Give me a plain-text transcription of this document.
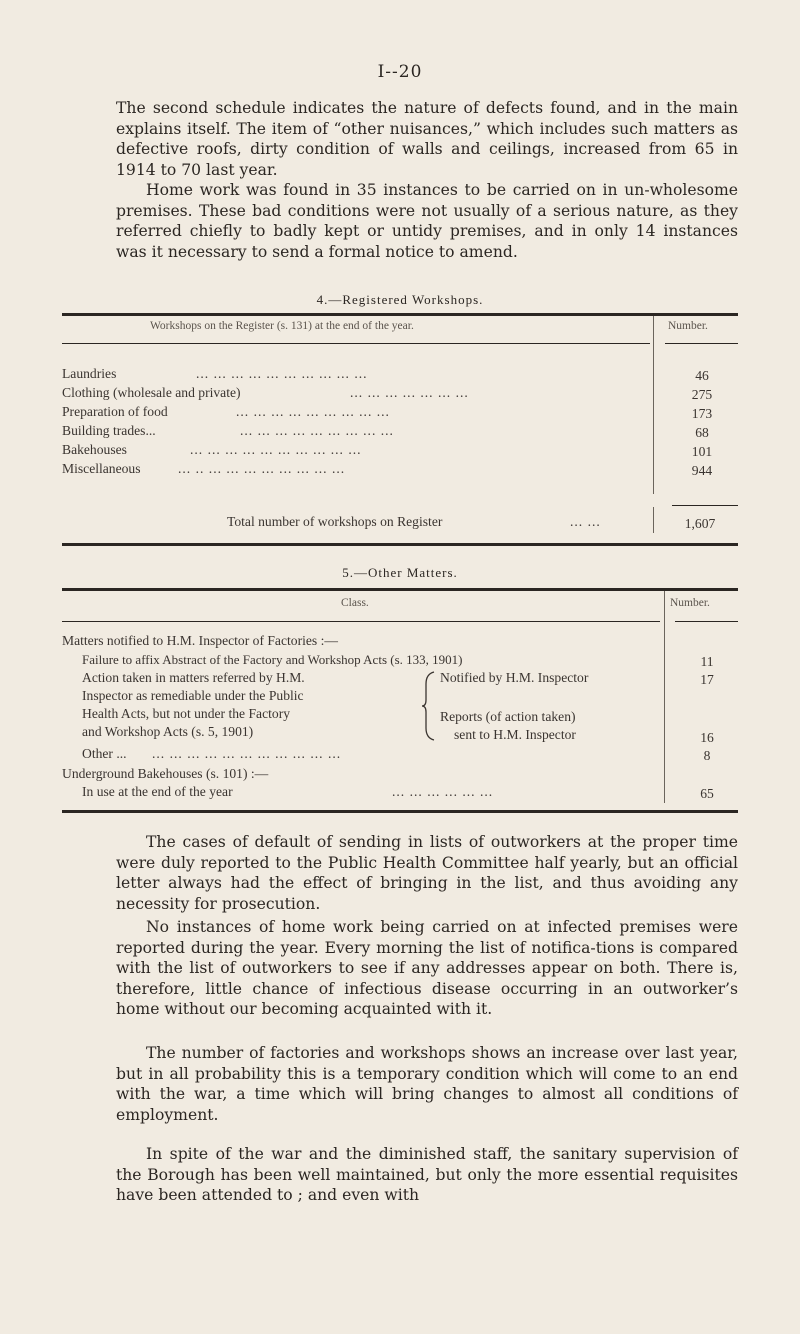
I--20

The second schedule indicates the nature of defects found, and in the main explains itself. The item of “other nuisances,” which includes such matters as defective roofs, dirty condition of walls and ceilings, increased from 65 in 1914 to 70 last year.

Home work was found in 35 instances to be carried on in un-wholesome premises. These bad conditions were not usually of a serious nature, as they referred chiefly to badly kept or untidy premises, and in only 14 instances was it necessary to send a formal notice to amend.

4.—Registered Workshops.
Workshops on the Register (s. 131) at the end of the year.	Number.
Laundries	... ... ... ... ... ... ... ... ... ...	46
Clothing (wholesale and private)	... ... ... ... ... ... ...	275
Preparation of food	... ... ... ... ... ... ... ... ...	173
Building trades...	... ... ... ... ... ... ... ... ...	68
Bakehouses	... ... ... ... ... ... ... ... ... ...	101
Miscellaneous	... .. ... ... ... ... ... ... ... ...	944
Total number of workshops on Register	... ...	1,607
5.—Other Matters.
Class.	Number.
Matters notified to H.M. Inspector of Factories :—
Failure to affix Abstract of the Factory and Workshop Acts (s. 133, 1901)	11
Action taken in matters referred by H.M.
Inspector as remediable under the Public
Health Acts, but not under the Factory
and Workshop Acts (s. 5, 1901)
Notified by H.M. Inspector	17
Reports (of action taken)
sent to H.M. Inspector	16
Other ... ... ... ... ... ... ... ... ... ... ... ...	8
Underground Bakehouses (s. 101) :—
In use at the end of the year	... ... ... ... ... ...	65

The cases of default of sending in lists of outworkers at the proper time were duly reported to the Public Health Committee half yearly, but an official letter always had the effect of bringing in the list, and thus avoiding any necessity for prosecution.

No instances of home work being carried on at infected premises were reported during the year. Every morning the list of notifica-tions is compared with the list of outworkers to see if any addresses appear on both. There is, therefore, little chance of infectious disease occurring in an outworker’s home without our becoming acquainted with it.

The number of factories and workshops shows an increase over last year, but in all probability this is a temporary condition which will come to an end with the war, a time which will bring changes to almost all conditions of employment.

In spite of the war and the diminished staff, the sanitary supervision of the Borough has been well maintained, but only the more essential requisites have been attended to ; and even with
